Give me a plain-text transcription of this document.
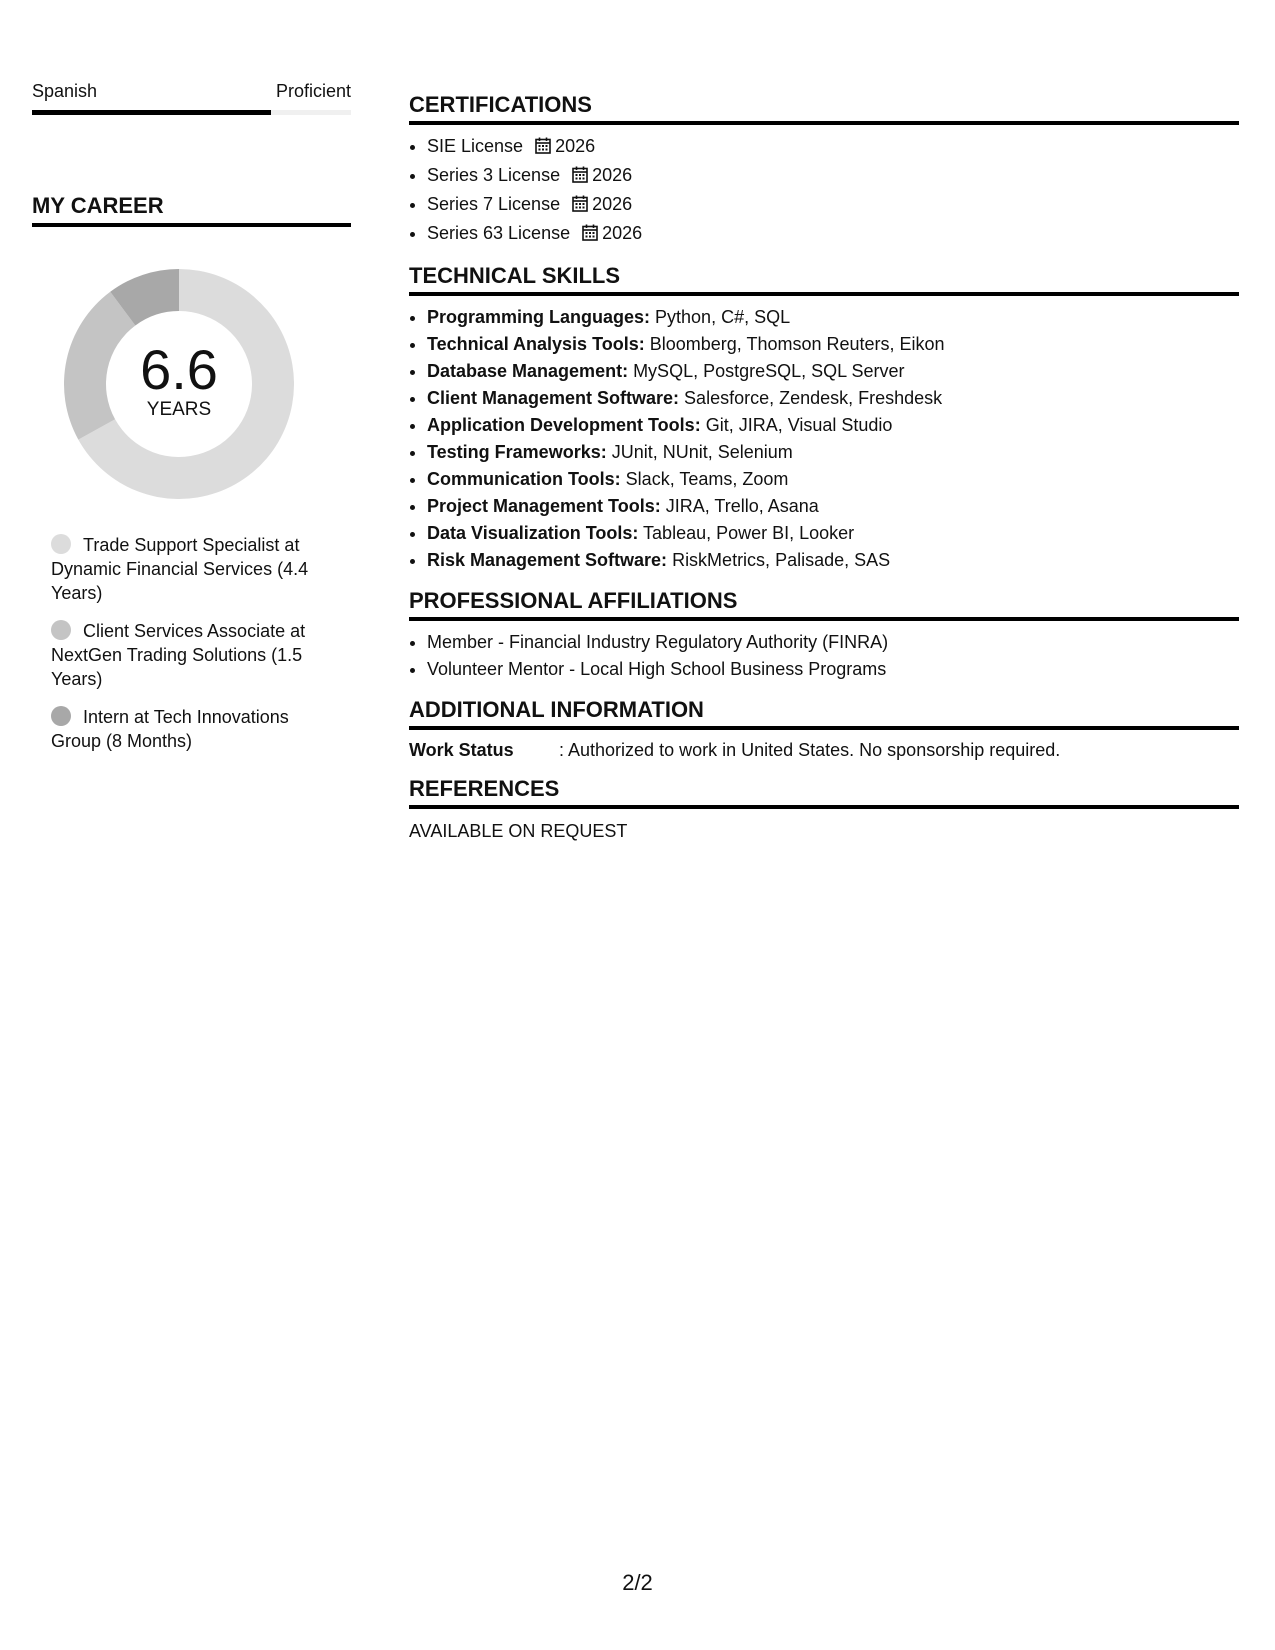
Spanish	Proficient
MY CAREER
6.6
YEARS
Trade Support Specialist at Dynamic Financial Services (4.4 Years)
Client Services Associate at NextGen Trading Solutions (1.5 Years)
Intern at Tech Innovations Group (8 Months)
CERTIFICATIONS
• SIE License 2026
• Series 3 License 2026
• Series 7 License 2026
• Series 63 License 2026
TECHNICAL SKILLS
• Programming Languages: Python, C#, SQL
• Technical Analysis Tools: Bloomberg, Thomson Reuters, Eikon
• Database Management: MySQL, PostgreSQL, SQL Server
• Client Management Software: Salesforce, Zendesk, Freshdesk
• Application Development Tools: Git, JIRA, Visual Studio
• Testing Frameworks: JUnit, NUnit, Selenium
• Communication Tools: Slack, Teams, Zoom
• Project Management Tools: JIRA, Trello, Asana
• Data Visualization Tools: Tableau, Power BI, Looker
• Risk Management Software: RiskMetrics, Palisade, SAS
PROFESSIONAL AFFILIATIONS
• Member - Financial Industry Regulatory Authority (FINRA)
• Volunteer Mentor - Local High School Business Programs
ADDITIONAL INFORMATION
Work Status	: Authorized to work in United States. No sponsorship required.
REFERENCES
AVAILABLE ON REQUEST
2/2
